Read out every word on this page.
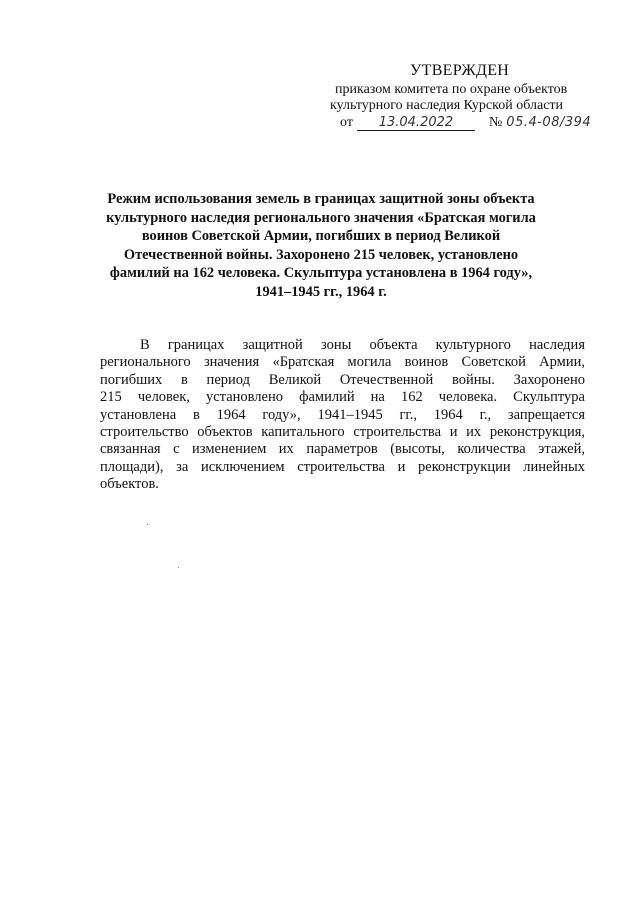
УТВЕРЖДЕН
приказом комитета по охране объектов
культурного наследия Курской области
от 13.04.2022	№ 05.4-08/394
Режим использования земель в границах защитной зоны объекта
культурного наследия регионального значения «Братская могила
воинов Советской Армии, погибших в период Великой
Отечественной войны. Захоронено 215 человек, установлено
фамилий на 162 человека. Скульптура установлена в 1964 году»,
1941–1945 гг., 1964 г.
В границах защитной зоны объекта культурного наследия
регионального значения «Братская могила воинов Советской Армии,
погибших в период Великой Отечественной войны. Захоронено
215 человек, установлено фамилий на 162 человека. Скульптура
установлена в 1964 году», 1941–1945 гг., 1964 г., запрещается
строительство объектов капитального строительства и их реконструкция,
связанная с изменением их параметров (высоты, количества этажей,
площади), за исключением строительства и реконструкции линейных
объектов.
